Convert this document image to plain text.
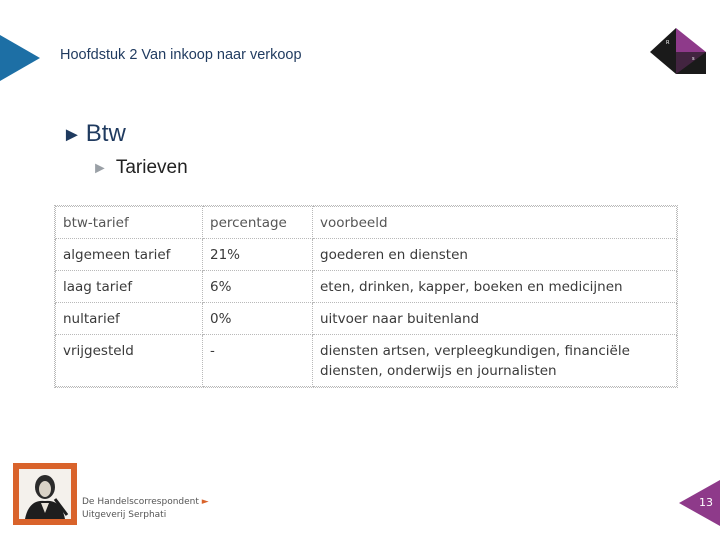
Hoofdstuk 2 Van inkoop naar verkoop
R
s
► Btw
► Tarieven
btw-tarief	percentage	voorbeeld
algemeen tarief	21%	goederen en diensten
laag tarief	6%	eten, drinken, kapper, boeken en medicijnen
nultarief	0%	uitvoer naar buitenland
vrijgesteld	-	diensten artsen, verpleegkundigen, financiële diensten, onderwijs en journalisten
De Handelscorrespondent ►
Uitgeverij Serphati
13
